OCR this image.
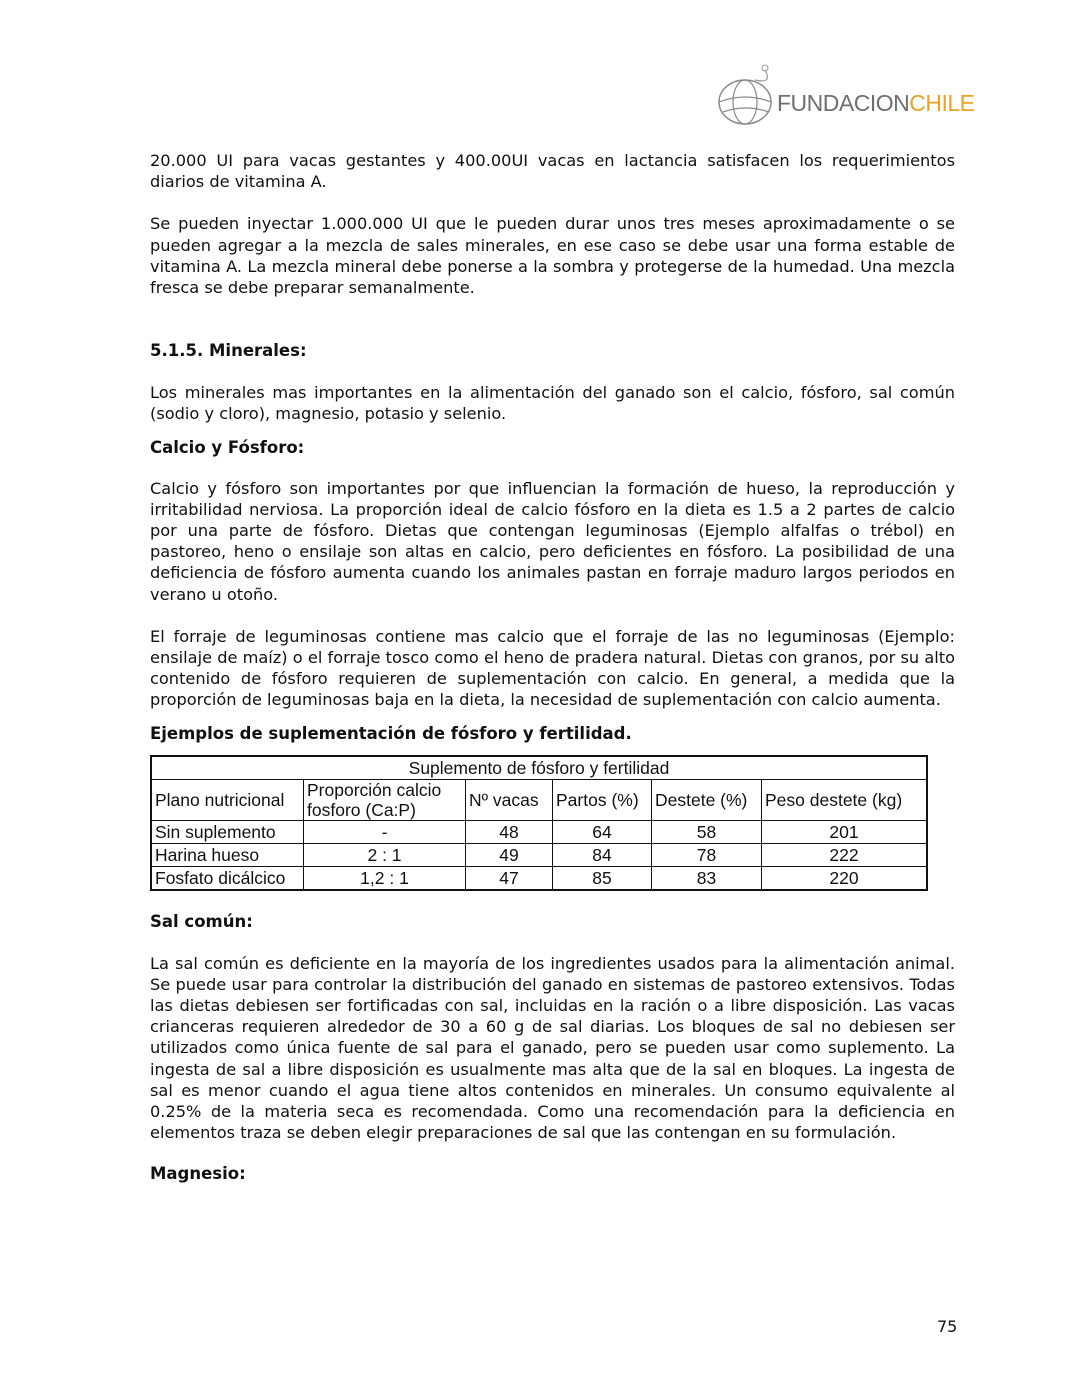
FUNDACIONCHILE

20.000 UI para vacas gestantes y 400.00UI vacas en lactancia satisfacen los requerimientos diarios de vitamina A.

Se pueden inyectar 1.000.000 UI que le pueden durar unos tres meses aproximadamente o se pueden agregar a la mezcla de sales minerales, en ese caso se debe usar una forma estable de vitamina A. La mezcla mineral debe ponerse a la sombra y protegerse de la humedad. Una mezcla fresca se debe preparar semanalmente.

5.1.5. Minerales:

Los minerales mas importantes en la alimentación del ganado son el calcio, fósforo, sal común (sodio y cloro), magnesio, potasio y selenio.

Calcio y Fósforo:

Calcio y fósforo son importantes por que influencian la formación de hueso, la reproducción y irritabilidad nerviosa. La proporción ideal de calcio fósforo en la dieta es 1.5 a 2 partes de calcio por una parte de fósforo. Dietas que contengan leguminosas (Ejemplo alfalfas o trébol) en pastoreo, heno o ensilaje son altas en calcio, pero deficientes en fósforo. La posibilidad de una deficiencia de fósforo aumenta cuando los animales pastan en forraje maduro largos periodos en verano u otoño.

El forraje de leguminosas contiene mas calcio que el forraje de las no leguminosas (Ejemplo: ensilaje de maíz) o el forraje tosco como el heno de pradera natural. Dietas con granos, por su alto contenido de fósforo requieren de suplementación con calcio. En general, a medida que la proporción de leguminosas baja en la dieta, la necesidad de suplementación con calcio aumenta.

Ejemplos de suplementación de fósforo y fertilidad.
Suplemento de fósforo y fertilidad					
Plano nutricional	Proporción calcio fosforo (Ca:P)	Nº vacas	Partos (%)	Destete (%)	Peso destete (kg)
Sin suplemento	-	48	64	58	201
Harina hueso	2 : 1	49	84	78	222
Fosfato dicálcico	1,2 : 1	47	85	83	220
Sal común:

La sal común es deficiente en la mayoría de los ingredientes usados para la alimentación animal. Se puede usar para controlar la distribución del ganado en sistemas de pastoreo extensivos. Todas las dietas debiesen ser fortificadas con sal, incluidas en la ración o a libre disposición. Las vacas crianceras requieren alrededor de 30 a 60 g de sal diarias. Los bloques de sal no debiesen ser utilizados como única fuente de sal para el ganado, pero se pueden usar como suplemento. La ingesta de sal a libre disposición es usualmente mas alta que de la sal en bloques. La ingesta de sal es menor cuando el agua tiene altos contenidos en minerales. Un consumo equivalente al 0.25% de la materia seca es recomendada. Como una recomendación para la deficiencia en elementos traza se deben elegir preparaciones de sal que las contengan en su formulación.

Magnesio:
75
